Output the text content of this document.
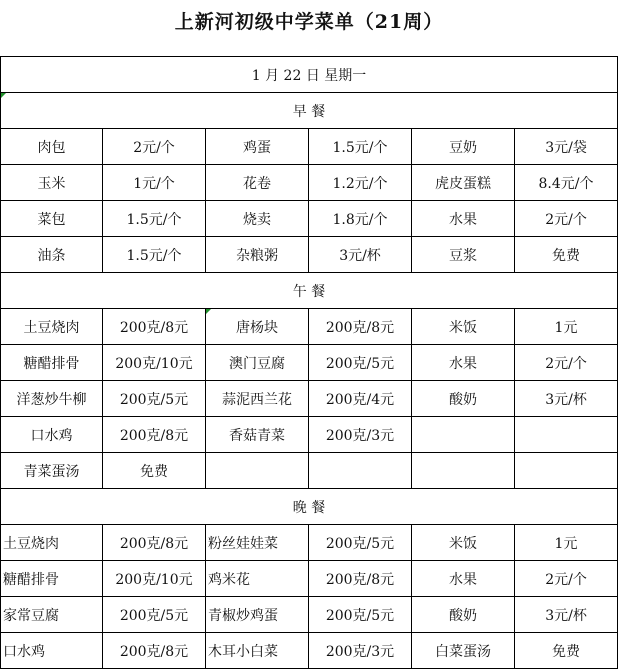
上新河初级中学菜单（21周）
1 月 22 日 星期一					

早 餐					
肉包	2元/个	鸡蛋	1.5元/个	豆奶	3元/袋
玉米	1元/个	花卷	1.2元/个	虎皮蛋糕	8.4元/个
菜包	1.5元/个	烧卖	1.8元/个	水果	2元/个
油条	1.5元/个	杂粮粥	3元/杯	豆浆	免费
午 餐					
土豆烧肉	200克/8元	唐杨块	200克/8元	米饭	1元
糖醋排骨	200克/10元	澳门豆腐	200克/5元	水果	2元/个
洋葱炒牛柳	200克/5元	蒜泥西兰花	200克/4元	酸奶	3元/杯
口水鸡	200克/8元	香菇青菜	200克/3元		
青菜蛋汤	免费				
晚 餐					
土豆烧肉	200克/8元	粉丝娃娃菜	200克/5元	米饭	1元
糖醋排骨	200克/10元	鸡米花	200克/8元	水果	2元/个
家常豆腐	200克/5元	青椒炒鸡蛋	200克/5元	酸奶	3元/杯
口水鸡	200克/8元	木耳小白菜	200克/3元	白菜蛋汤	免费
